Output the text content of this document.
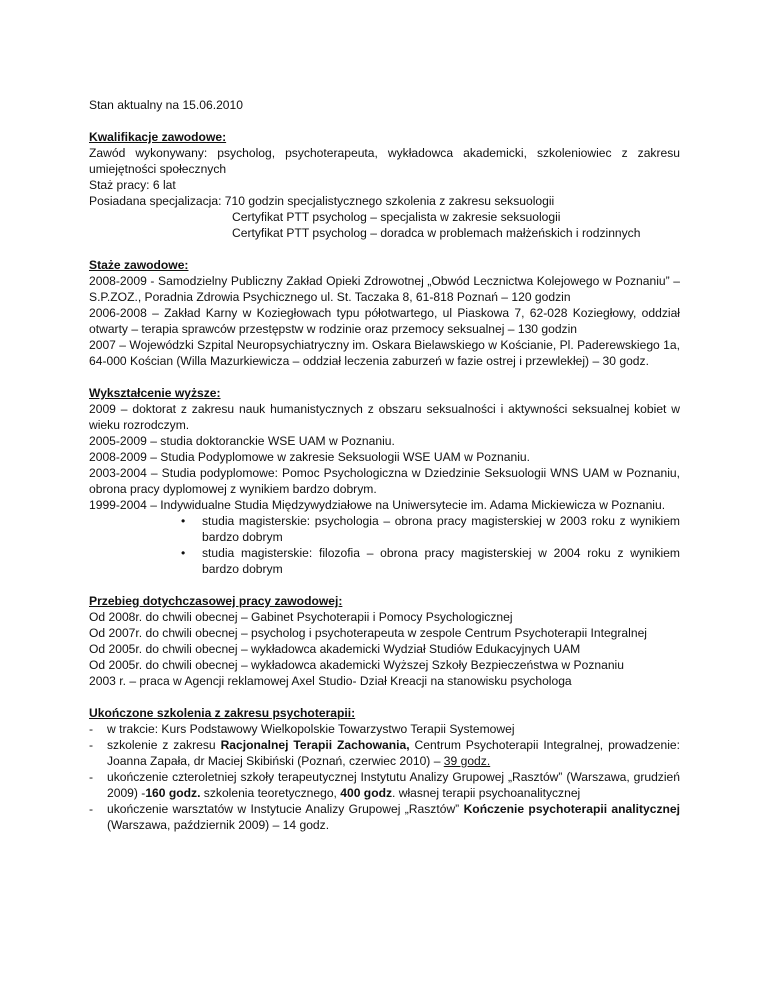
Stan aktualny na 15.06.2010

Kwalifikacje zawodowe:

Zawód wykonywany: psycholog, psychoterapeuta, wykładowca akademicki, szkoleniowiec z zakresu umiejętności społecznych

Staż pracy: 6 lat

Posiadana specjalizacja: 710 godzin specjalistycznego szkolenia z zakresu seksuologii

Certyfikat PTT psycholog – specjalista w zakresie seksuologii

Certyfikat PTT psycholog – doradca w problemach małżeńskich i rodzinnych

Staże zawodowe:

2008-2009 - Samodzielny Publiczny Zakład Opieki Zdrowotnej „Obwód Lecznictwa Kolejowego w Poznaniu” – S.P.ZOZ., Poradnia Zdrowia Psychicznego ul. St. Taczaka 8, 61-818 Poznań – 120 godzin

2006-2008 – Zakład Karny w Koziegłowach typu półotwartego, ul Piaskowa 7, 62-028 Koziegłowy, oddział otwarty – terapia sprawców przestępstw w rodzinie oraz przemocy seksualnej – 130 godzin

2007 – Wojewódzki Szpital Neuropsychiatryczny im. Oskara Bielawskiego w Kościanie, Pl. Paderewskiego 1a, 64-000 Kościan (Willa Mazurkiewicza – oddział leczenia zaburzeń w fazie ostrej i przewlekłej) – 30 godz.

Wykształcenie wyższe:

2009 – doktorat z zakresu nauk humanistycznych z obszaru seksualności i aktywności seksualnej kobiet w wieku rozrodczym.

2005-2009 – studia doktoranckie WSE UAM w Poznaniu.

2008-2009 – Studia Podyplomowe w zakresie Seksuologii WSE UAM w Poznaniu.

2003-2004 – Studia podyplomowe: Pomoc Psychologiczna w Dziedzinie Seksuologii WNS UAM w Poznaniu, obrona pracy dyplomowej z wynikiem bardzo dobrym.

1999-2004 – Indywidualne Studia Międzywydziałowe na Uniwersytecie im. Adama Mickiewicza w Poznaniu.

•	studia magisterskie: psychologia – obrona pracy magisterskiej w 2003 roku z wynikiem bardzo dobrym
•	studia magisterskie: filozofia – obrona pracy magisterskiej w 2004 roku z wynikiem bardzo dobrym

Przebieg dotychczasowej pracy zawodowej:

Od 2008r. do chwili obecnej – Gabinet Psychoterapii i Pomocy Psychologicznej

Od 2007r. do chwili obecnej – psycholog i psychoterapeuta w zespole Centrum Psychoterapii Integralnej

Od 2005r. do chwili obecnej – wykładowca akademicki Wydział Studiów Edukacyjnych UAM

Od 2005r. do chwili obecnej – wykładowca akademicki Wyższej Szkoły Bezpieczeństwa w Poznaniu

2003 r. – praca w Agencji reklamowej Axel Studio- Dział Kreacji na stanowisku psychologa

Ukończone szkolenia z zakresu psychoterapii:

-	w trakcie: Kurs Podstawowy Wielkopolskie Towarzystwo Terapii Systemowej
-	szkolenie z zakresu Racjonalnej Terapii Zachowania, Centrum Psychoterapii Integralnej, prowadzenie: Joanna Zapała, dr Maciej Skibiński (Poznań, czerwiec 2010) – 39 godz.
-	ukończenie czteroletniej szkoły terapeutycznej Instytutu Analizy Grupowej „Rasztów” (Warszawa, grudzień 2009) -160 godz. szkolenia teoretycznego, 400 godz. własnej terapii psychoanalitycznej
-	ukończenie warsztatów w Instytucie Analizy Grupowej „Rasztów” Kończenie psychoterapii analitycznej (Warszawa, październik 2009) – 14 godz.
